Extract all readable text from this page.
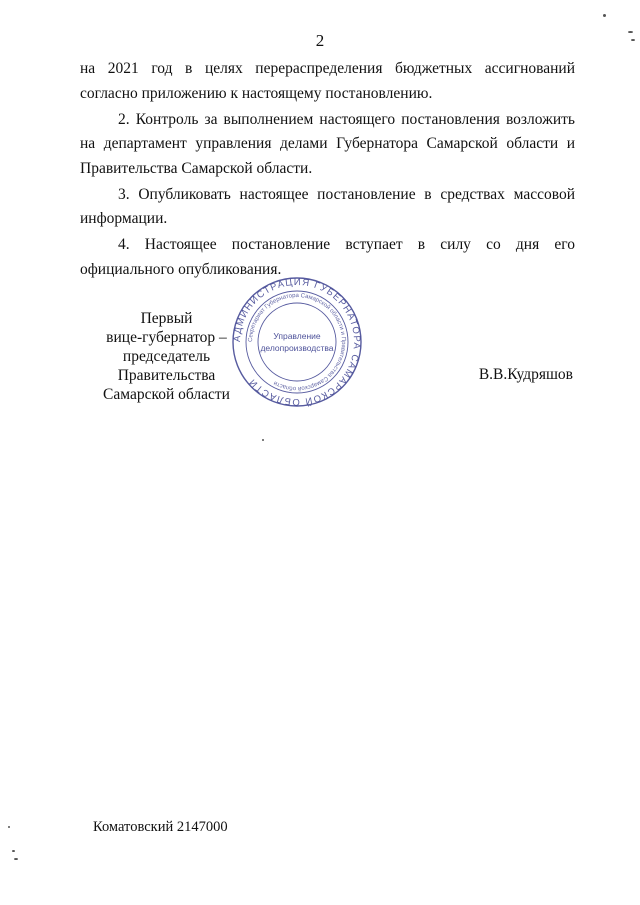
2

на 2021 год в целях перераспределения бюджетных ассигнований согласно приложению к настоящему постановлению.

2. Контроль за выполнением настоящего постановления возложить на департамент управления делами Губернатора Самарской области и Правительства Самарской области.

3. Опубликовать настоящее постановление в средствах массовой информации.

4. Настоящее постановление вступает в силу со дня его официального опубликования.

Первый
вице-губернатор –
председатель Правительства
Самарской области
АДМИНИСТРАЦИЯ ГУБЕРНАТОРА САМАРСКОЙ ОБЛАСТИ
Секретариат Губернатора Самарской области и Правительства Самарской области
Управление
делопроизводства
В.В.Кудряшов
Коматовский 2147000
